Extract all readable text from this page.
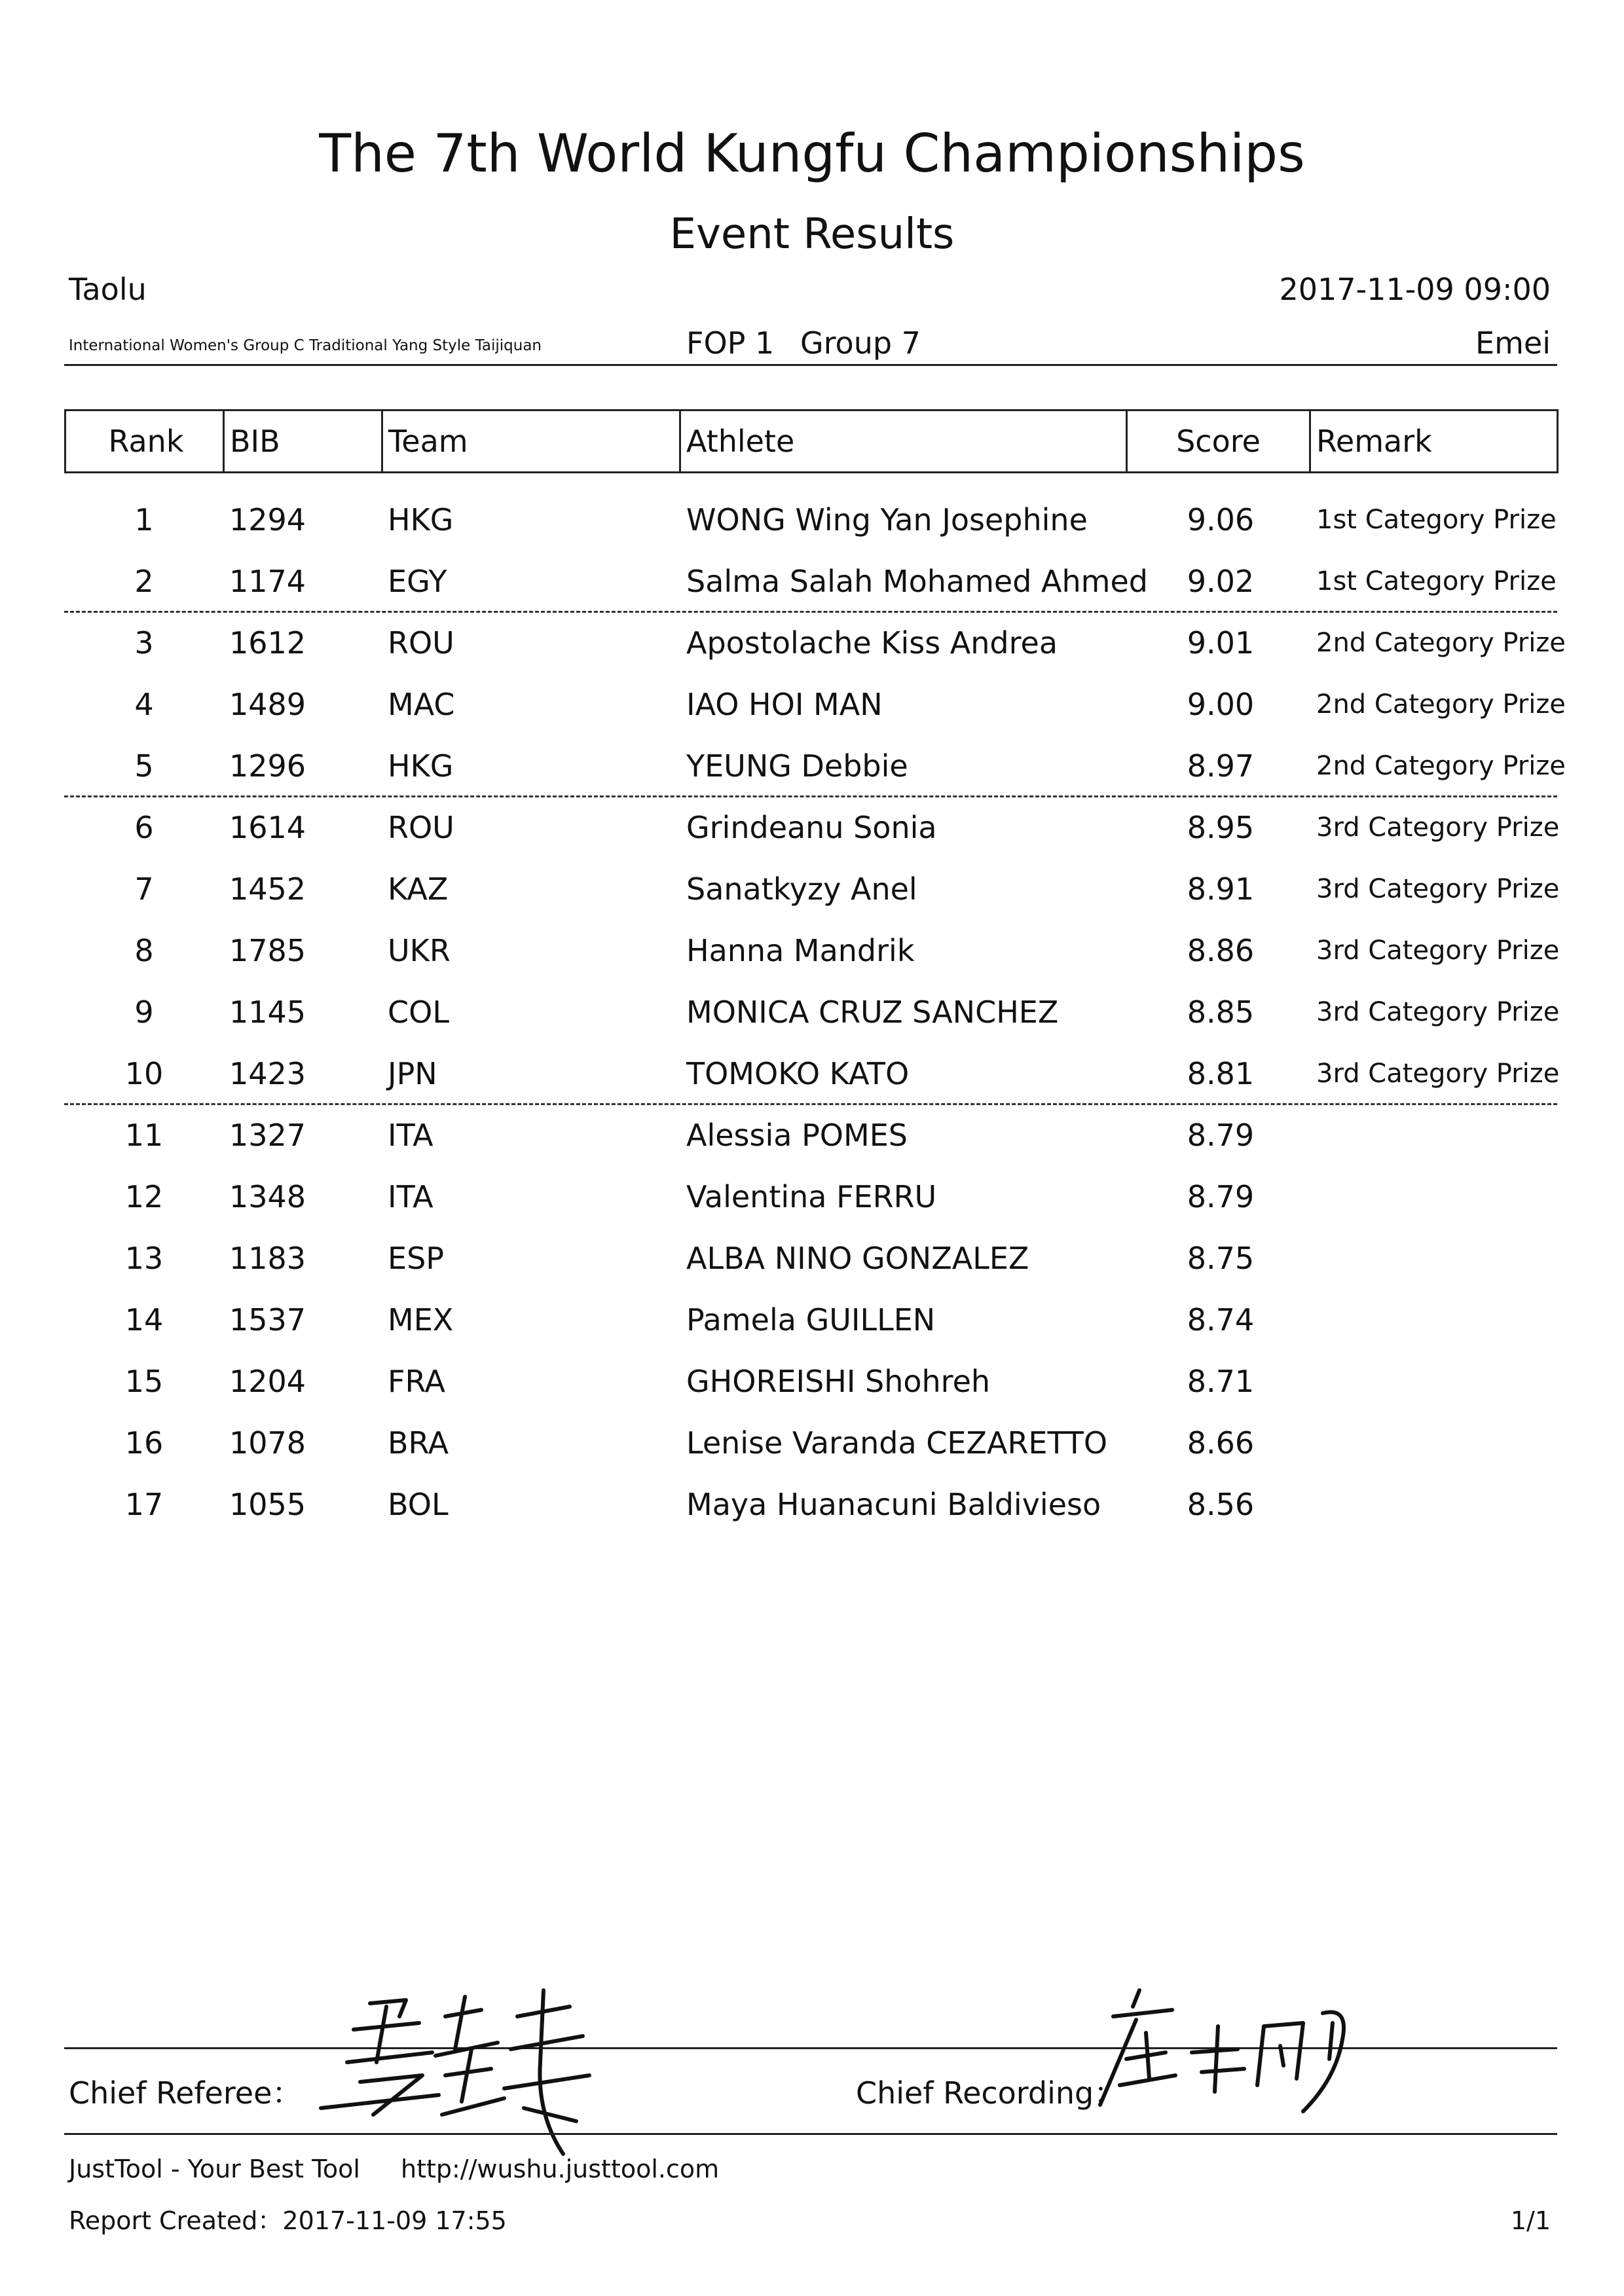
The 7th World Kungfu Championships
Event Results
Taolu	2017-11-09 09:00
International Women's Group C Traditional Yang Style Taijiquan	FOP 1 Group 7	Emei
Rank	BIB	Team	Athlete	Score	Remark
1	1294	HKG	WONG Wing Yan Josephine	9.06	1st Category Prize
2	1174	EGY	Salma Salah Mohamed Ahmed	9.02	1st Category Prize
3	1612	ROU	Apostolache Kiss Andrea	9.01	2nd Category Prize
4	1489	MAC	IAO HOI MAN	9.00	2nd Category Prize
5	1296	HKG	YEUNG Debbie	8.97	2nd Category Prize
6	1614	ROU	Grindeanu Sonia	8.95	3rd Category Prize
7	1452	KAZ	Sanatkyzy Anel	8.91	3rd Category Prize
8	1785	UKR	Hanna Mandrik	8.86	3rd Category Prize
9	1145	COL	MONICA CRUZ SANCHEZ	8.85	3rd Category Prize
10	1423	JPN	TOMOKO KATO	8.81	3rd Category Prize
11	1327	ITA	Alessia POMES	8.79
12	1348	ITA	Valentina FERRU	8.79
13	1183	ESP	ALBA NINO GONZALEZ	8.75
14	1537	MEX	Pamela GUILLEN	8.74
15	1204	FRA	GHOREISHI Shohreh	8.71
16	1078	BRA	Lenise Varanda CEZARETTO	8.66
17	1055	BOL	Maya Huanacuni Baldivieso	8.56
Chief Referee：	Chief Recording：
JustTool - Your Best Tool http://wushu.justtool.com
Report Created：2017-11-09 17:55	1/1
